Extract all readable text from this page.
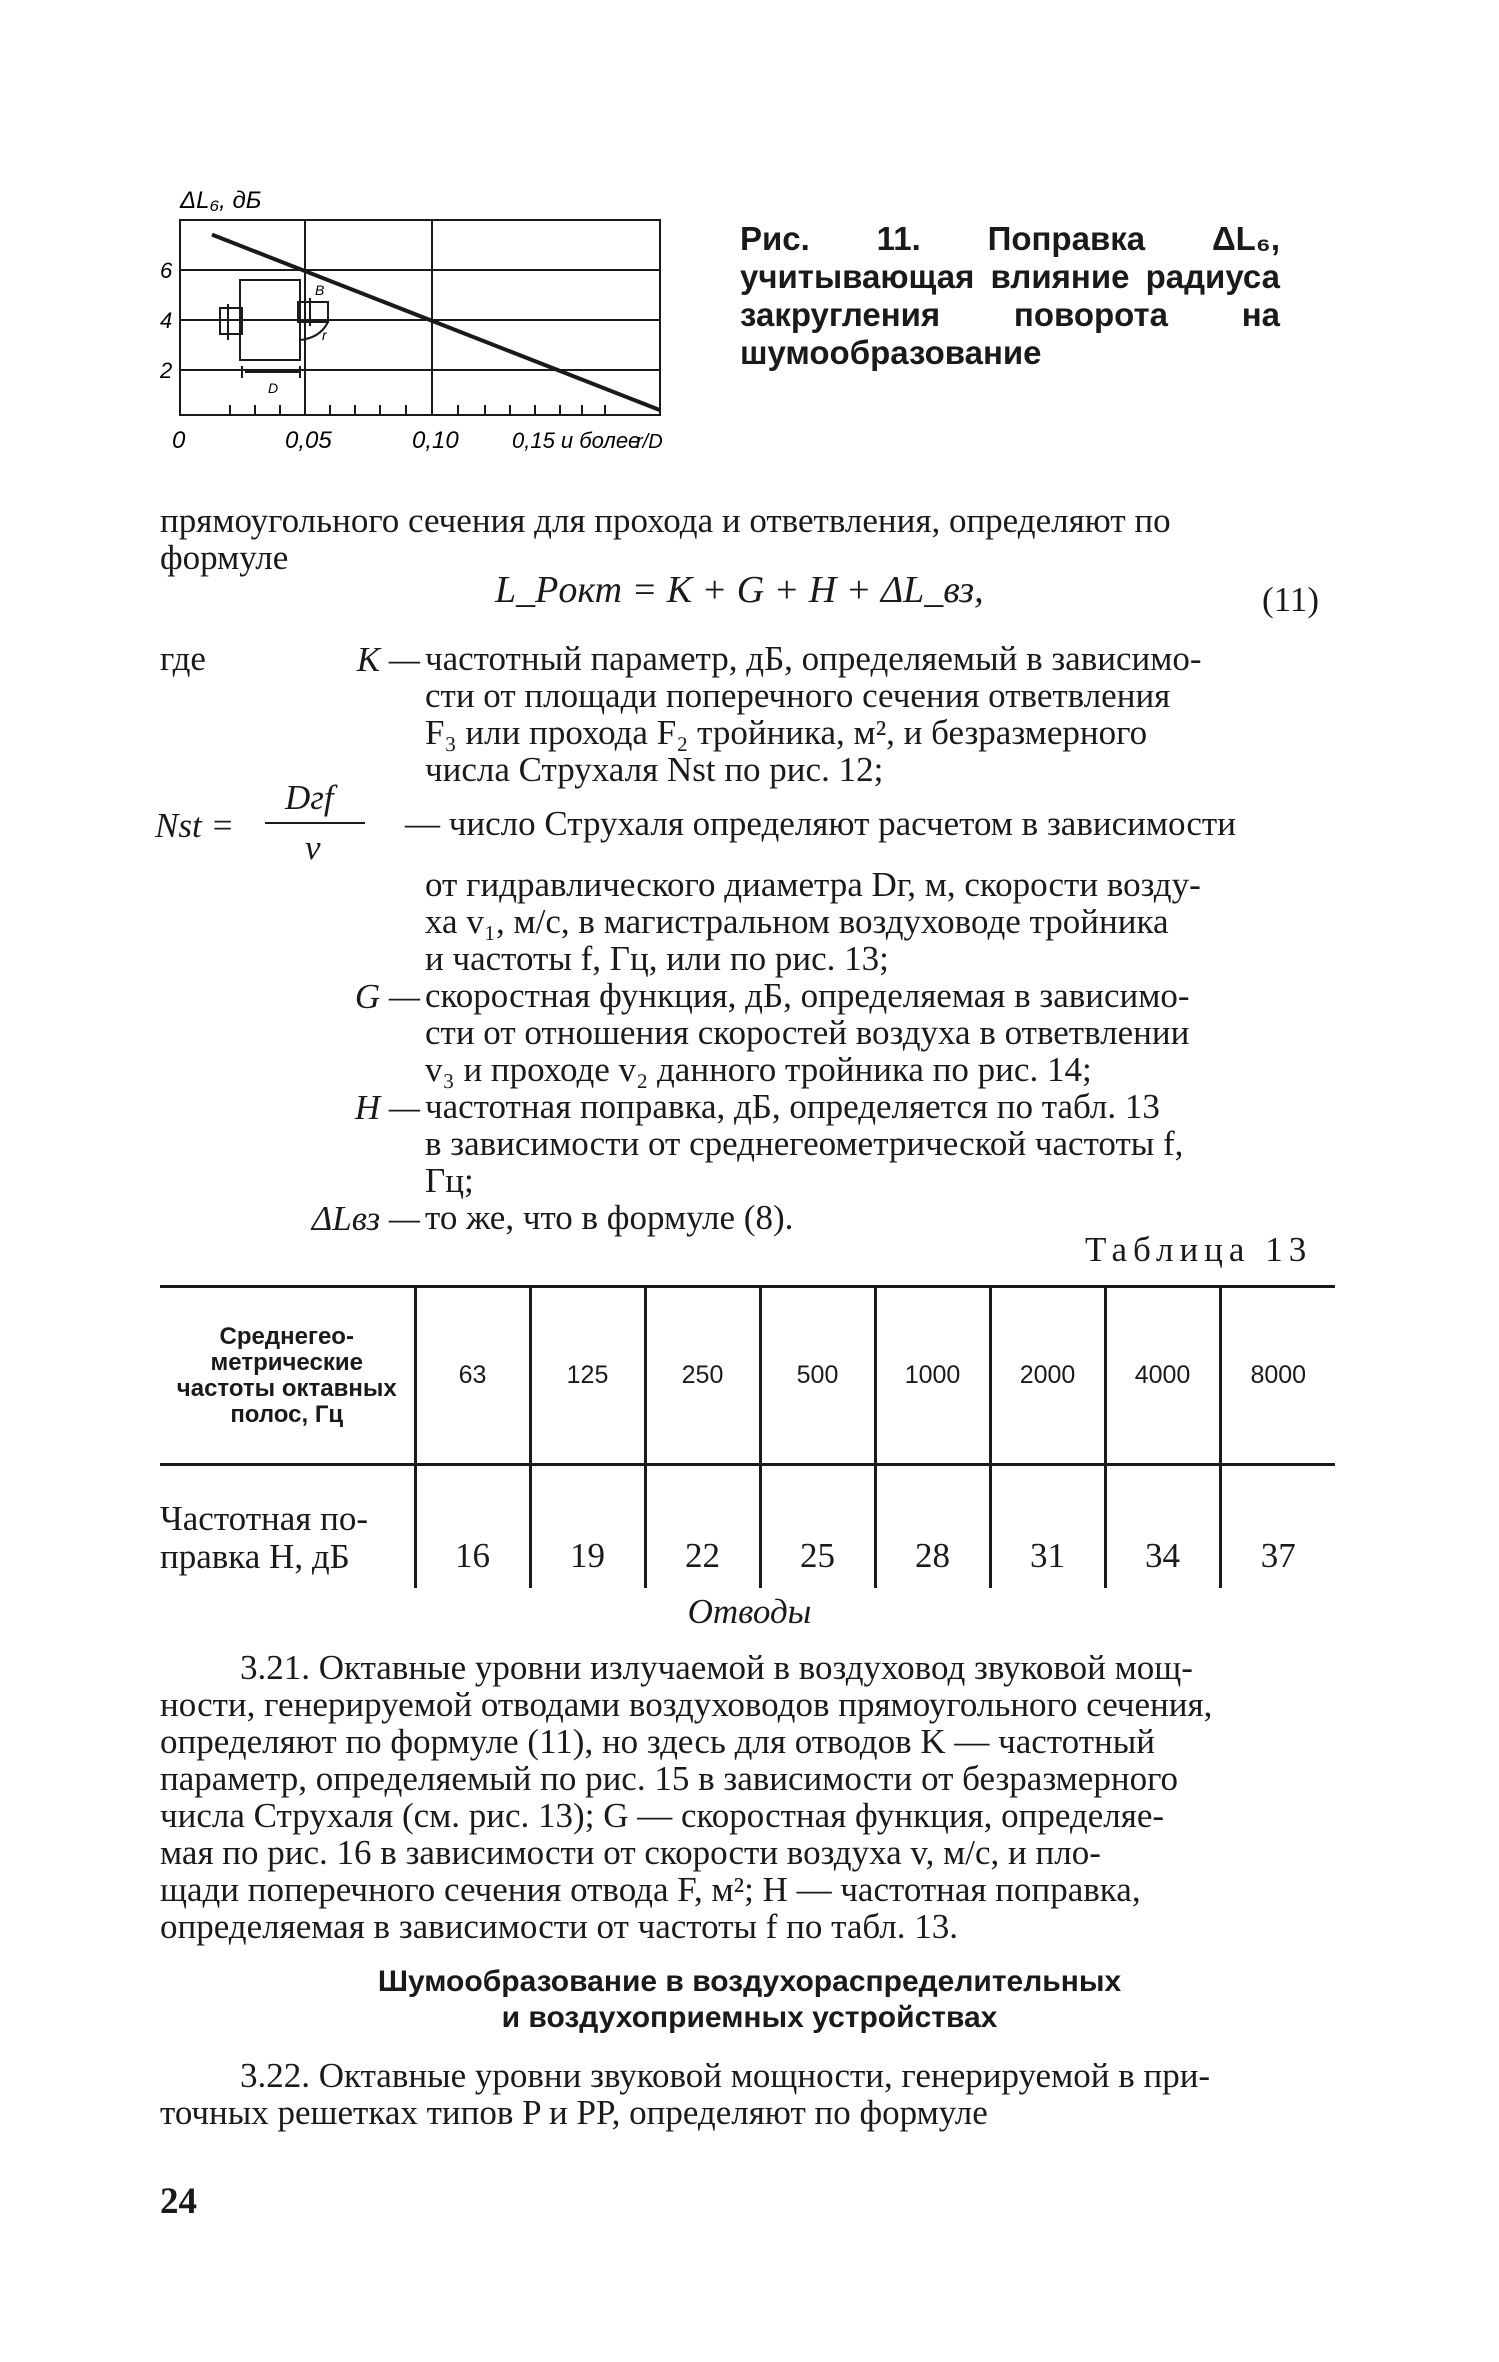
В
r
D
ΔL₆, дБ
2
4
6
0	0,05	0,10 0,15 и более
r/D
Рис. 11. Поправка ΔL₆, учитывающая влияние радиуса закругления поворота на шумообразование
прямоугольного сечения для прохода и ответвления, определяют по
формуле
L_Pокт = K + G + H + ΔL_вз,	(11)
где	K — частотный параметр, дБ, определяемый в зависимо-
сти от площади поперечного сечения ответвления
F₃ или прохода F₂ тройника, м², и безразмерного
числа Струхаля Nst по рис. 12;
Nst =
Dгf
v
— число Струхаля определяют расчетом в зависимости
от гидравлического диаметра Dг, м, скорости возду-
ха v₁, м/с, в магистральном воздуховоде тройника
и частоты f, Гц, или по рис. 13;
G — скоростная функция, дБ, определяемая в зависимо-
сти от отношения скоростей воздуха в ответвлении
v₃ и проходе v₂ данного тройника по рис. 14;
H — частотная поправка, дБ, определяется по табл. 13
в зависимости от среднегеометрической частоты f,
Гц;
ΔLвз — то же, что в формуле (8).
Таблица 13
Среднегео-метрические частоты октавных полос, Гц	63	125	250	500	1000	2000	4000	8000
Частотная по-правка H, дБ	16	19	22	25	28	31	34	37
Отводы
3.21. Октавные уровни излучаемой в воздуховод звуковой мощ-
ности, генерируемой отводами воздуховодов прямоугольного сечения,
определяют по формуле (11), но здесь для отводов K — частотный
параметр, определяемый по рис. 15 в зависимости от безразмерного
числа Струхаля (см. рис. 13); G — скоростная функция, определяе-
мая по рис. 16 в зависимости от скорости воздуха v, м/с, и пло-
щади поперечного сечения отвода F, м²; H — частотная поправка,
определяемая в зависимости от частоты f по табл. 13.
Шумообразование в воздухораспределительных
и воздухоприемных устройствах
3.22. Октавные уровни звуковой мощности, генерируемой в при-
точных решетках типов P и PP, определяют по формуле
24
